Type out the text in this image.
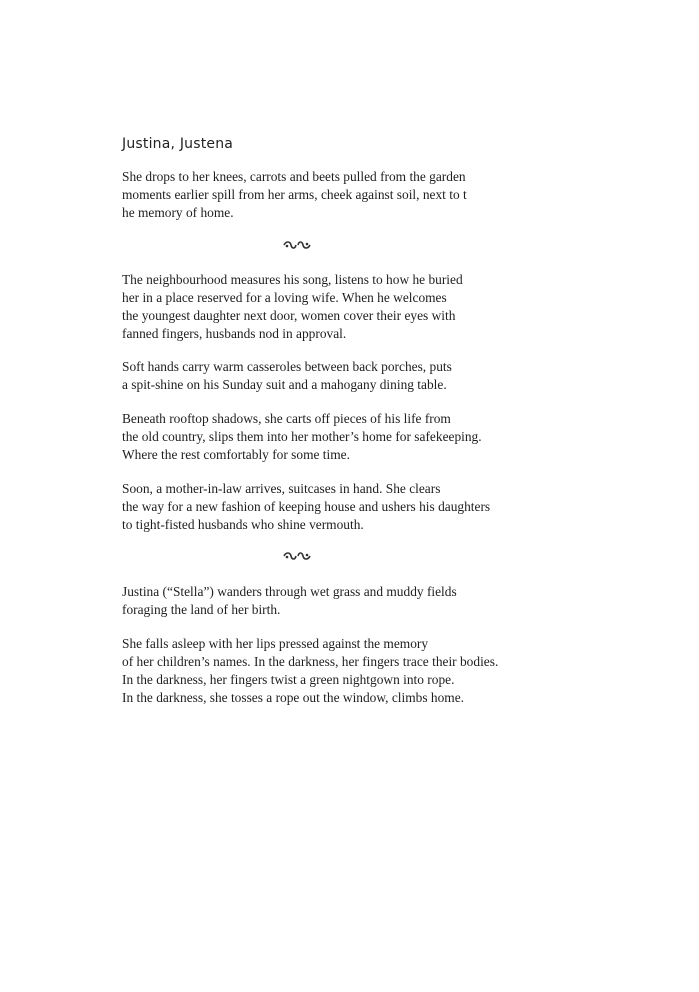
Justina, Justena
She drops to her knees, carrots and beets pulled from the garden
moments earlier spill from her arms, cheek against soil, next to t
he memory of home.
The neighbourhood measures his song, listens to how he buried
her in a place reserved for a loving wife. When he welcomes
the youngest daughter next door, women cover their eyes with
fanned fingers, husbands nod in approval.
Soft hands carry warm casseroles between back porches, puts
a spit-shine on his Sunday suit and a mahogany dining table.
Beneath rooftop shadows, she carts off pieces of his life from
the old country, slips them into her mother’s home for safekeeping.
Where the rest comfortably for some time.
Soon, a mother-in-law arrives, suitcases in hand. She clears
the way for a new fashion of keeping house and ushers his daughters
to tight-fisted husbands who shine vermouth.
Justina (“Stella”) wanders through wet grass and muddy fields
foraging the land of her birth.
She falls asleep with her lips pressed against the memory
of her children’s names. In the darkness, her fingers trace their bodies.
In the darkness, her fingers twist a green nightgown into rope.
In the darkness, she tosses a rope out the window, climbs home.
